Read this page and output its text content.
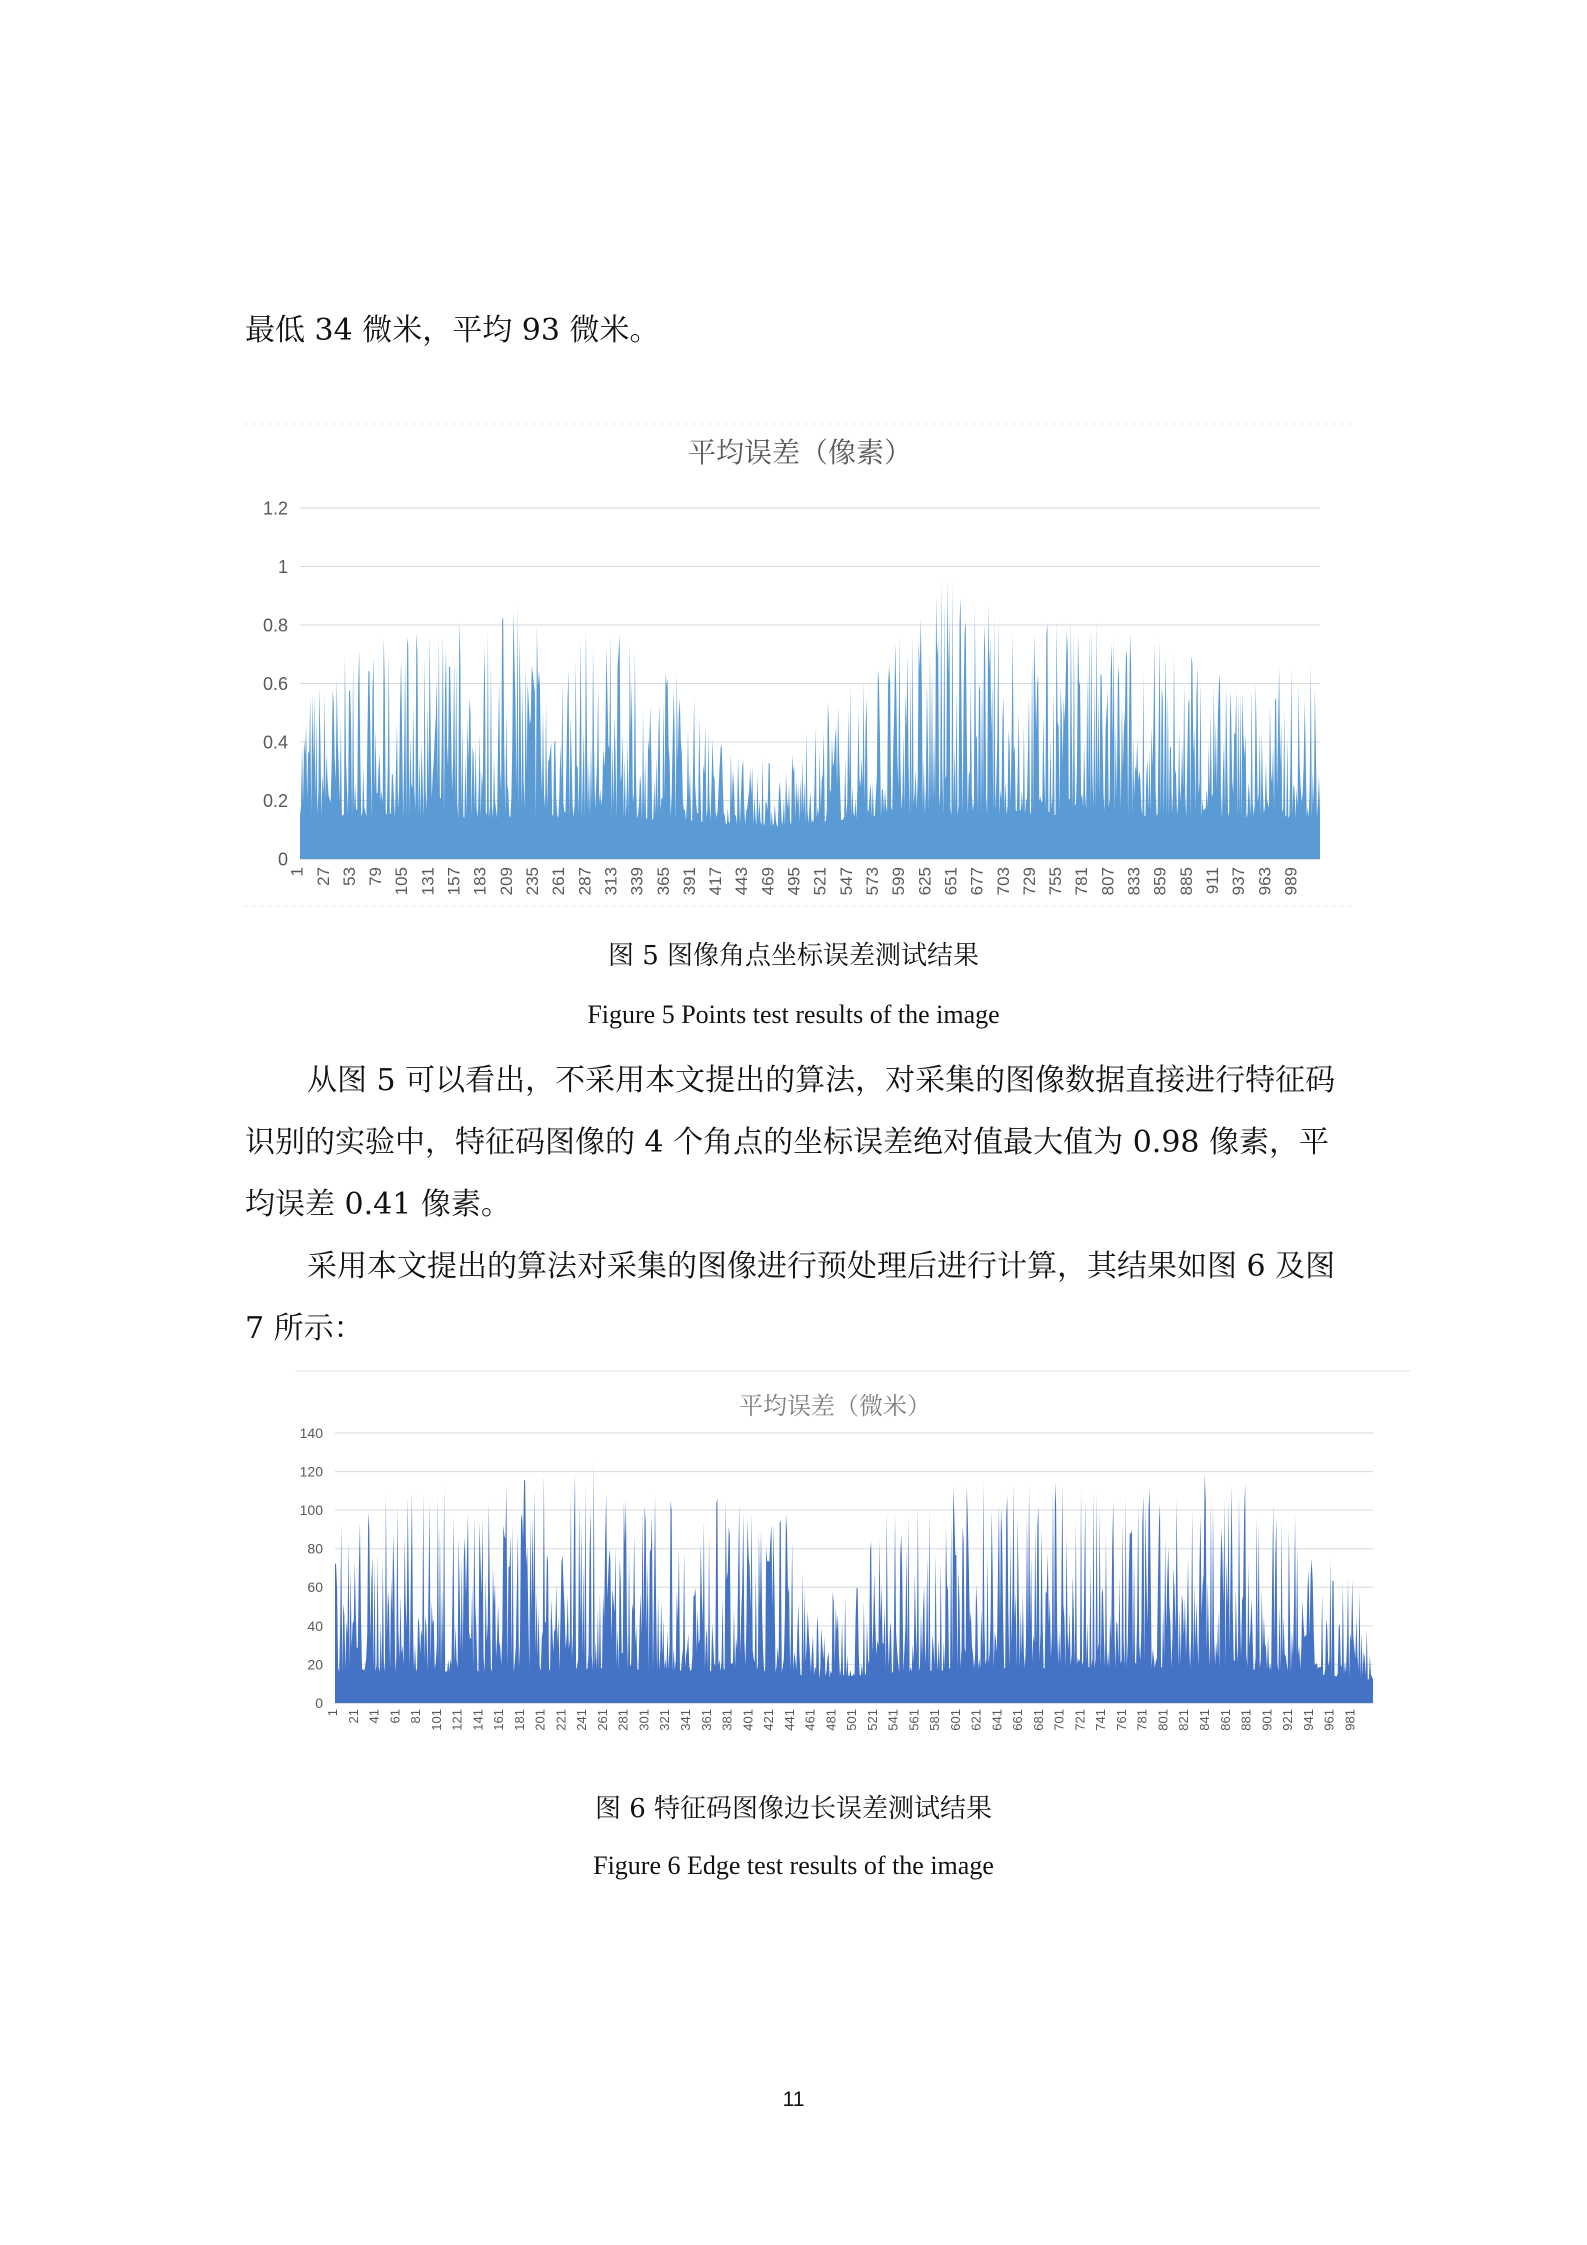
最低 34 微米，平均 93 微米。
平均误差（像素）
0
0.2
0.4
0.6
0.8
1
1.2
1 27 53 79 105 131 157 183 209 235 261 287 313 339 365 391 417 443 469 495 521 547 573 599 625 651 677 703 729 755 781 807 833 859 885 911 937 963 989
图 5 图像角点坐标误差测试结果
Figure 5 Points test results of the image
从图 5 可以看出，不采用本文提出的算法，对采集的图像数据直接进行特征码识别的实验中，特征码图像的 4 个角点的坐标误差绝对值最大值为 0.98 像素，平均误差 0.41 像素。
采用本文提出的算法对采集的图像进行预处理后进行计算，其结果如图 6 及图 7 所示：
平均误差（微米）
0
20
40
60
80
100
120
140
1 21 41 61 81 101 121 141 161 181 201 221 241 261 281 301 321 341 361 381 401 421 441 461 481 501 521 541 561 581 601 621 641 661 681 701 721 741 761 781 801 821 841 861 881 901 921 941 961 981
图 6 特征码图像边长误差测试结果
Figure 6 Edge test results of the image
11
